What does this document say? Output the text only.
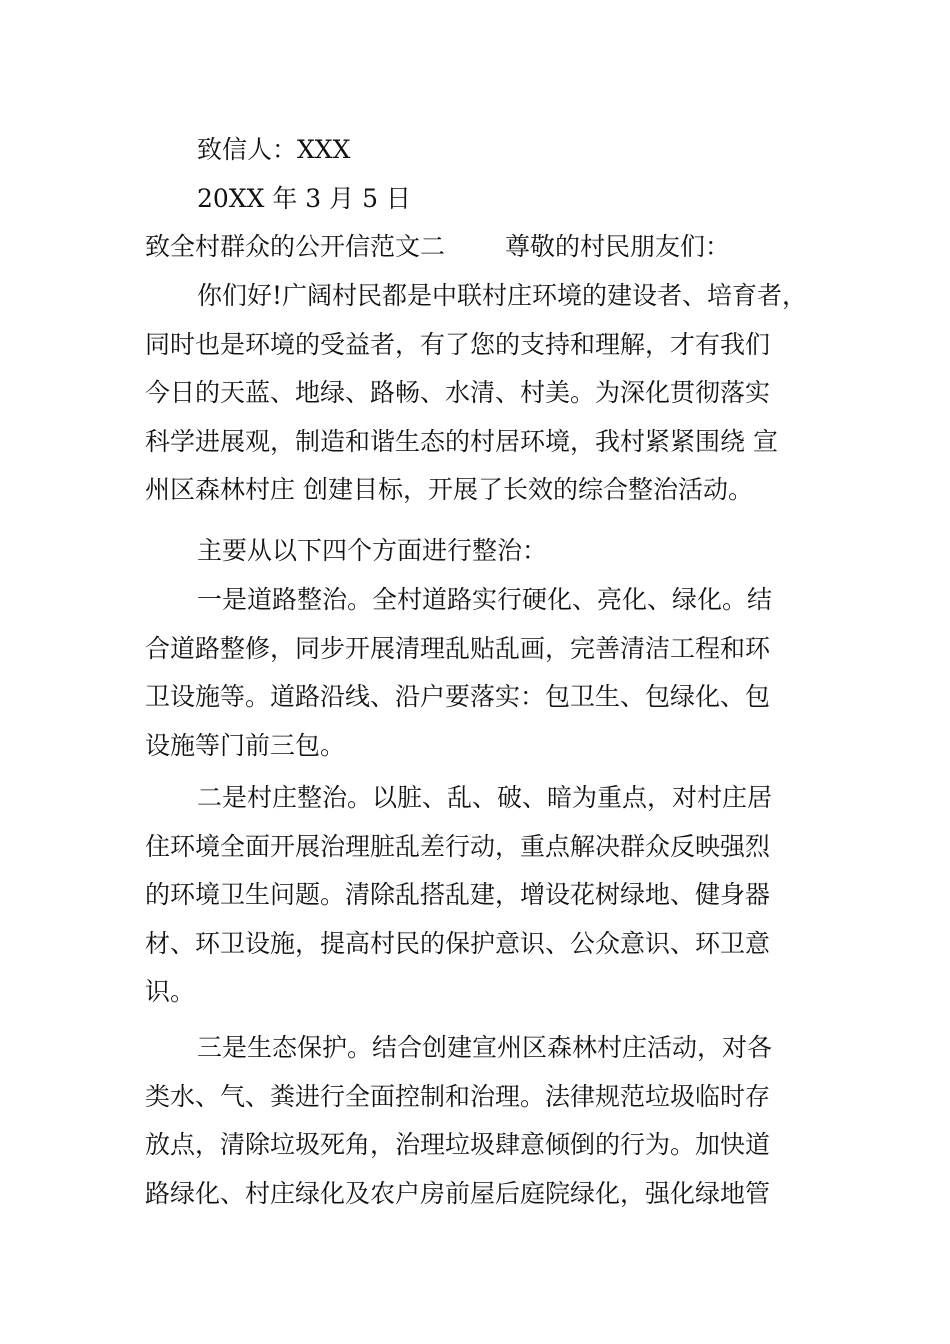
致信人：XXX
20XX 年 3 月 5 日
致全村群众的公开信范文二 尊敬的村民朋友们：
你们好!广阔村民都是中联村庄环境的建设者、培育者，
同时也是环境的受益者，有了您的支持和理解，才有我们
今日的天蓝、地绿、路畅、水清、村美。为深化贯彻落实
科学进展观，制造和谐生态的村居环境，我村紧紧围绕 宣
州区森林村庄 创建目标，开展了长效的综合整治活动。
主要从以下四个方面进行整治：
一是道路整治。全村道路实行硬化、亮化、绿化。结
合道路整修，同步开展清理乱贴乱画，完善清洁工程和环
卫设施等。道路沿线、沿户要落实：包卫生、包绿化、包
设施等门前三包。
二是村庄整治。以脏、乱、破、暗为重点，对村庄居
住环境全面开展治理脏乱差行动，重点解决群众反映强烈
的环境卫生问题。清除乱搭乱建，增设花树绿地、健身器
材、环卫设施，提高村民的保护意识、公众意识、环卫意
识。
三是生态保护。结合创建宣州区森林村庄活动，对各
类水、气、粪进行全面控制和治理。法律规范垃圾临时存
放点，清除垃圾死角，治理垃圾肆意倾倒的行为。加快道
路绿化、村庄绿化及农户房前屋后庭院绿化，强化绿地管
